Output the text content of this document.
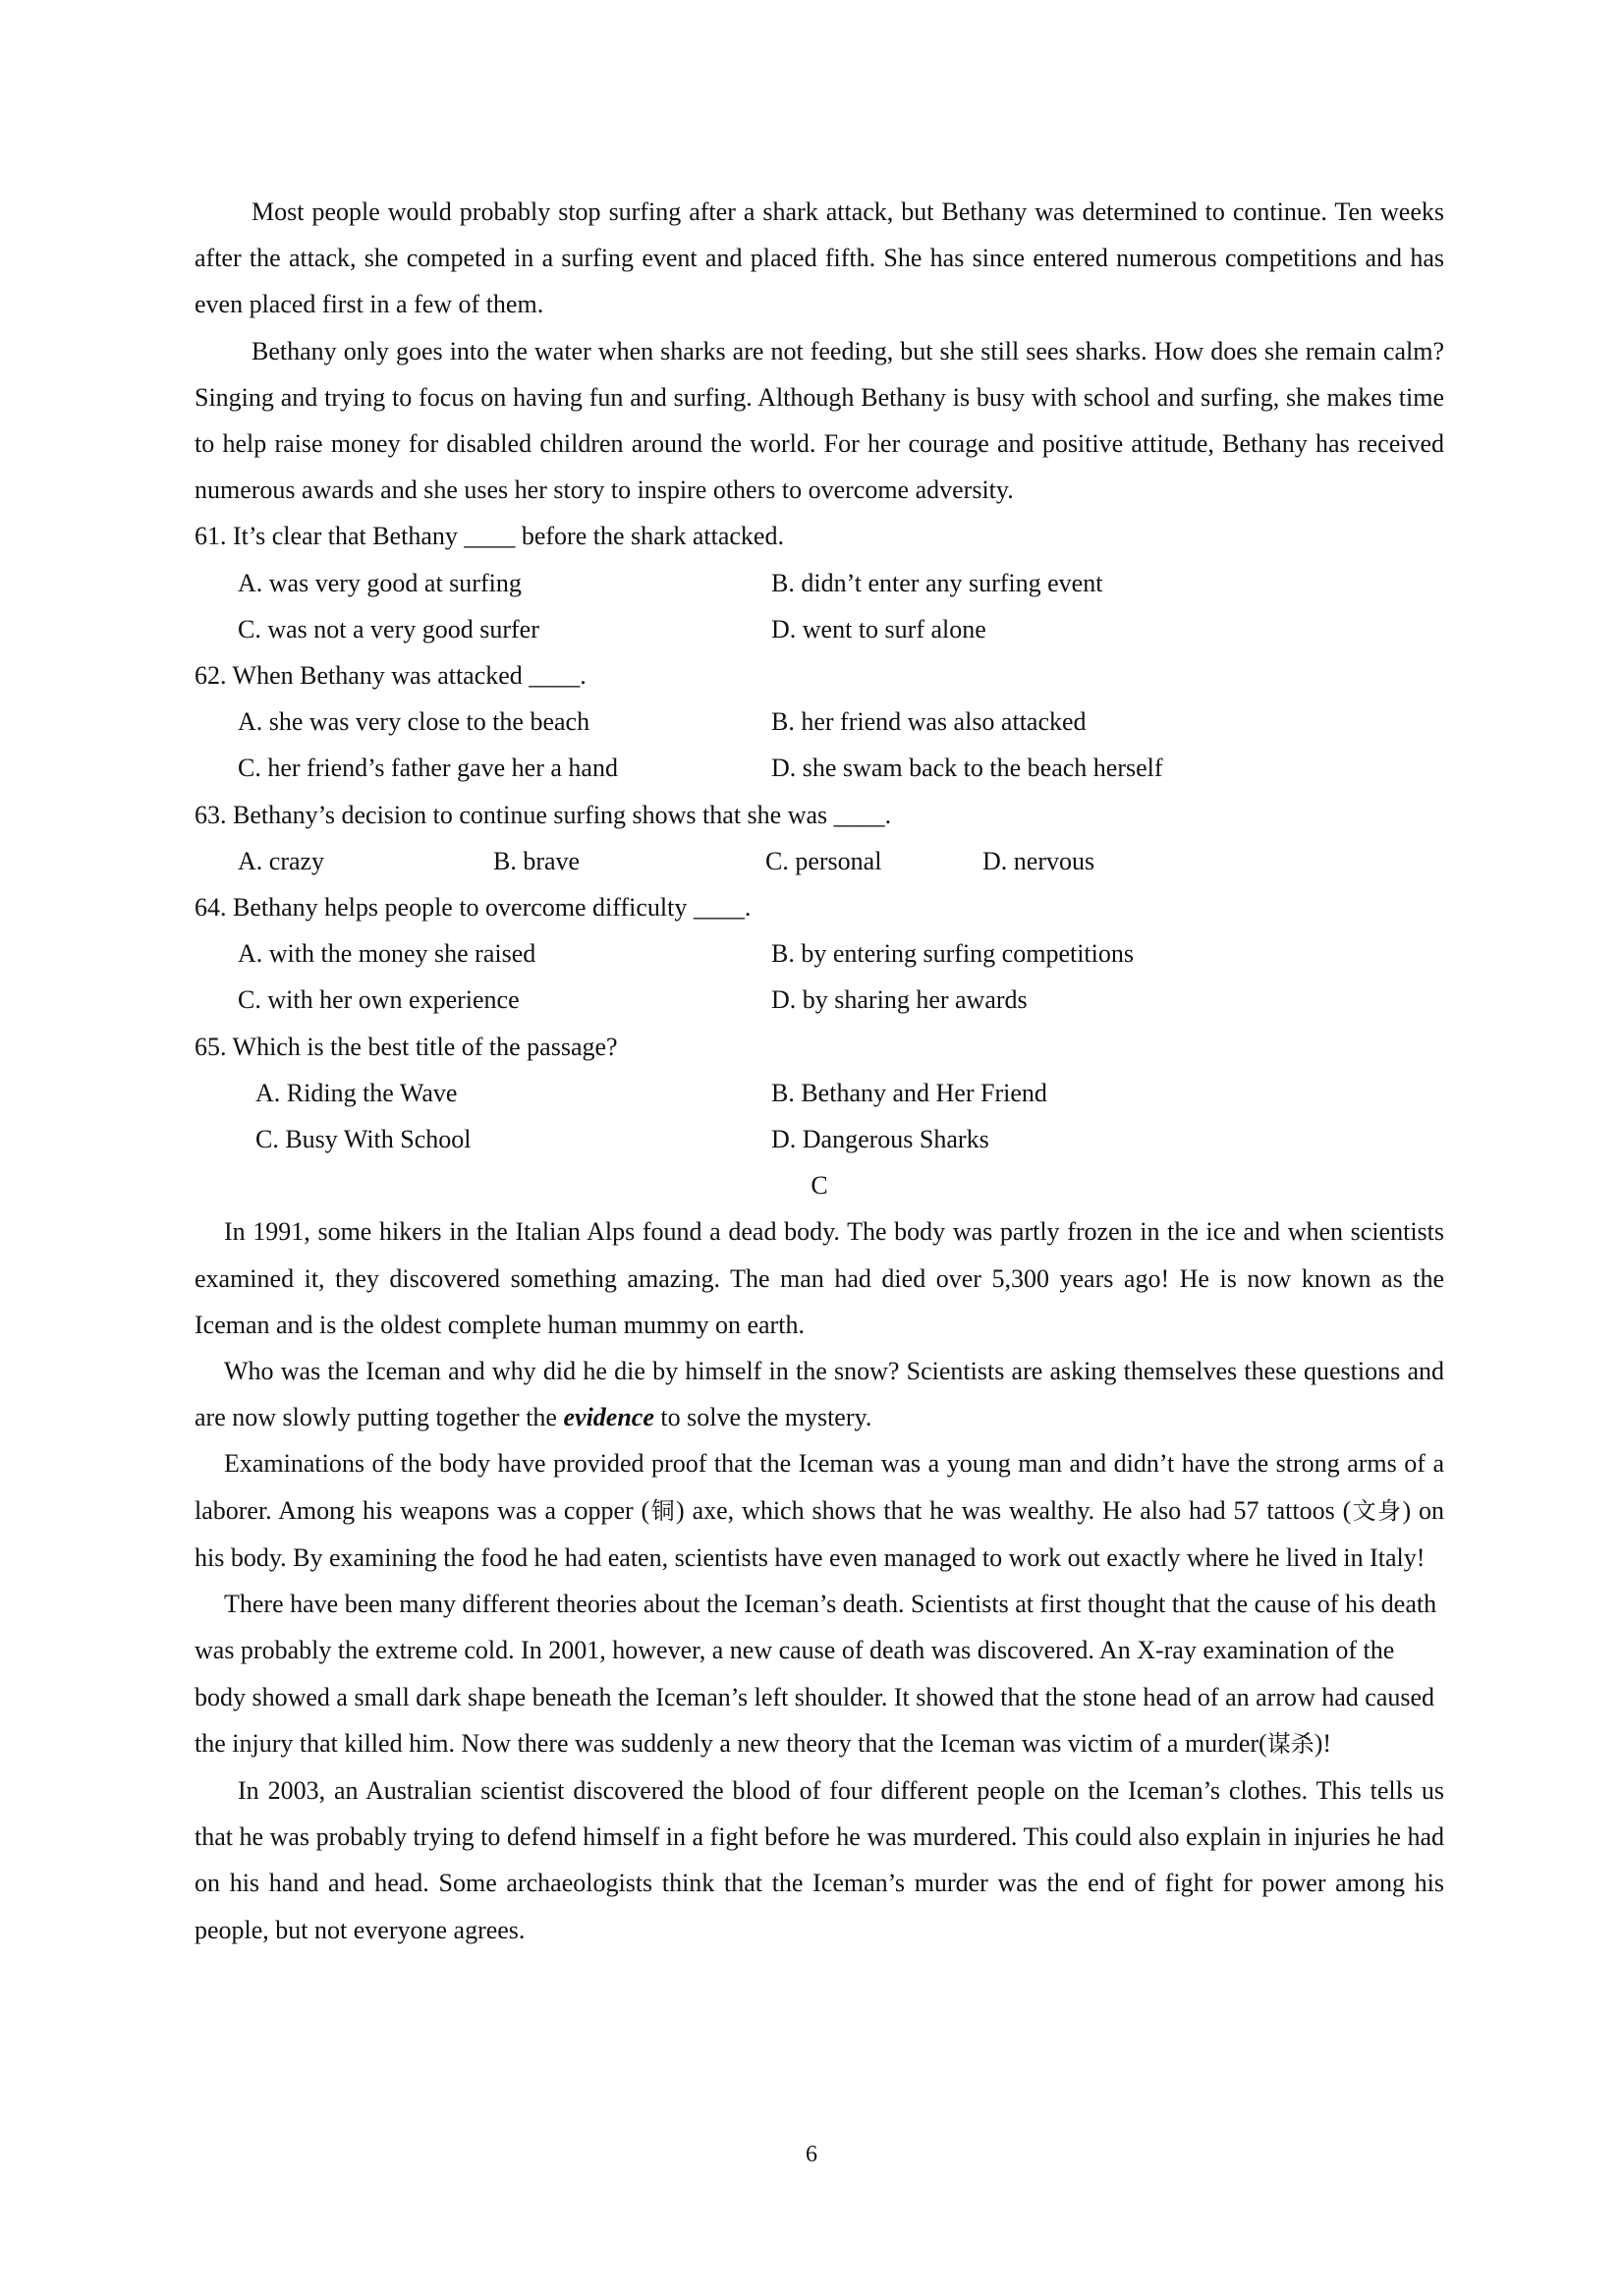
Most people would probably stop surfing after a shark attack, but Bethany was determined to continue. Ten weeks after the attack, she competed in a surfing event and placed fifth. She has since entered numerous competitions and has even placed first in a few of them.

Bethany only goes into the water when sharks are not feeding, but she still sees sharks. How does she remain calm? Singing and trying to focus on having fun and surfing. Although Bethany is busy with school and surfing, she makes time to help raise money for disabled children around the world. For her courage and positive attitude, Bethany has received numerous awards and she uses her story to inspire others to overcome adversity.

61. It’s clear that Bethany ____ before the shark attacked.

A. was very good at surfing	B. didn’t enter any surfing event
C. was not a very good surfer	D. went to surf alone

62. When Bethany was attacked ____.

A. she was very close to the beach	B. her friend was also attacked
C. her friend’s father gave her a hand	D. she swam back to the beach herself

63. Bethany’s decision to continue surfing shows that she was ____.

A. crazy	B. brave	C. personal	D. nervous

64. Bethany helps people to overcome difficulty ____.

A. with the money she raised	B. by entering surfing competitions
C. with her own experience	D. by sharing her awards

65. Which is the best title of the passage?

A. Riding the Wave	B. Bethany and Her Friend
C. Busy With School	D. Dangerous Sharks

C

In 1991, some hikers in the Italian Alps found a dead body. The body was partly frozen in the ice and when scientists examined it, they discovered something amazing. The man had died over 5,300 years ago! He is now known as the Iceman and is the oldest complete human mummy on earth.

Who was the Iceman and why did he die by himself in the snow? Scientists are asking themselves these questions and are now slowly putting together the evidence to solve the mystery.

Examinations of the body have provided proof that the Iceman was a young man and didn’t have the strong arms of a laborer. Among his weapons was a copper (铜) axe, which shows that he was wealthy. He also had 57 tattoos (文身) on his body. By examining the food he had eaten, scientists have even managed to work out exactly where he lived in Italy!

There have been many different theories about the Iceman’s death. Scientists at first thought that the cause of his death was probably the extreme cold. In 2001, however, a new cause of death was discovered. An X-ray examination of the body showed a small dark shape beneath the Iceman’s left shoulder. It showed that the stone head of an arrow had caused the injury that killed him. Now there was suddenly a new theory that the Iceman was victim of a murder(谋杀)!

In 2003, an Australian scientist discovered the blood of four different people on the Iceman’s clothes. This tells us that he was probably trying to defend himself in a fight before he was murdered. This could also explain in injuries he had on his hand and head. Some archaeologists think that the Iceman’s murder was the end of fight for power among his people, but not everyone agrees.

6
